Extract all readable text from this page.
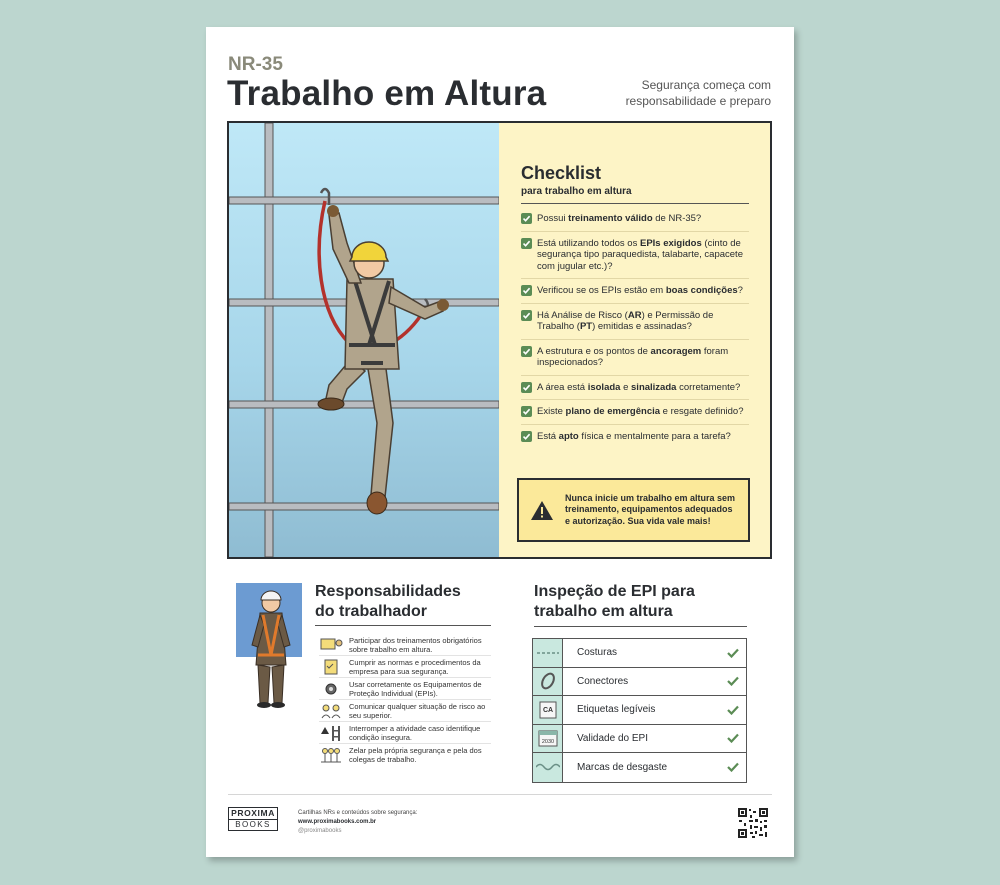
NR-35
Trabalho em Altura	Segurança começa com responsabilidade e preparo
Checklist
para trabalho em altura
Possui treinamento válido de NR-35?
Está utilizando todos os EPIs exigidos (cinto de segurança tipo paraquedista, talabarte, capacete com jugular etc.)?
Verificou se os EPIs estão em boas condições?
Há Análise de Risco (AR) e Permissão de Trabalho (PT) emitidas e assinadas?
A estrutura e os pontos de ancoragem foram inspecionados?
A área está isolada e sinalizada corretamente?
Existe plano de emergência e resgate definido?
Está apto física e mentalmente para a tarefa?
Nunca inicie um trabalho em altura sem treinamento, equipamentos adequados e autorização. Sua vida vale mais!
Responsabilidades
do trabalhador
Participar dos treinamentos obrigatórios sobre trabalho em altura.
Cumprir as normas e procedimentos da empresa para sua segurança.
Usar corretamente os Equipamentos de Proteção Individual (EPIs).
Comunicar qualquer situação de risco ao seu superior.
Interromper a atividade caso identifique condição insegura.
Zelar pela própria segurança e pela dos colegas de trabalho.
Inspeção de EPI para
trabalho em altura
Costuras
Conectores
CA	Etiquetas legíveis
2030	Validade do EPI
Marcas de desgaste
PROXIMA
BOOKS
Cartilhas NRs e conteúdos sobre segurança:
www.proximabooks.com.br
@proximabooks
